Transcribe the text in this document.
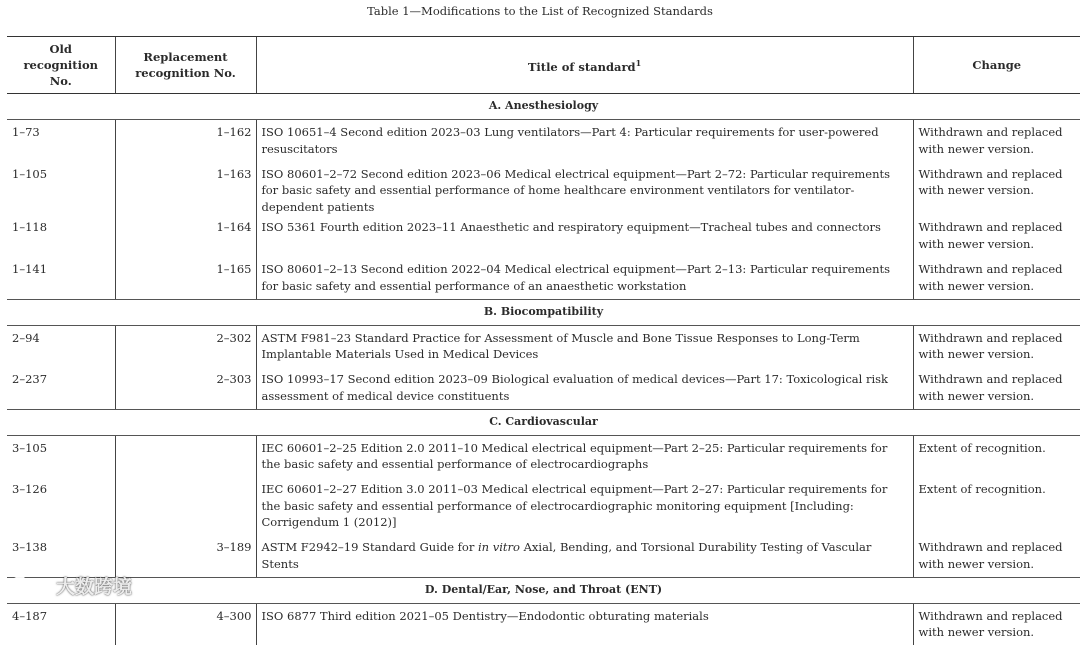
Table 1—Modifications to the List of Recognized Standards
Old recognition No.	Replacement recognition No.	Title of standard$^1$	Change
A. Anesthesiology			
1–73	1–162	ISO 10651–4 Second edition 2023–03 Lung ventilators—Part 4: Particular requirements for user-powered resuscitators	Withdrawn and replaced with newer version.
1–105	1–163	ISO 80601–2–72 Second edition 2023–06 Medical electrical equipment—Part 2–72: Particular requirements for basic safety and essential performance of home healthcare environment ventilators for ventilator-dependent patients	Withdrawn and replaced with newer version.
1–118	1–164	ISO 5361 Fourth edition 2023–11 Anaesthetic and respiratory equipment—Tracheal tubes and connectors	Withdrawn and replaced with newer version.
1–141	1–165	ISO 80601–2–13 Second edition 2022–04 Medical electrical equipment—Part 2–13: Particular requirements for basic safety and essential performance of an anaesthetic workstation	Withdrawn and replaced with newer version.
B. Biocompatibility			
2–94	2–302	ASTM F981–23 Standard Practice for Assessment of Muscle and Bone Tissue Responses to Long-Term Implantable Materials Used in Medical Devices	Withdrawn and replaced with newer version.
2–237	2–303	ISO 10993–17 Second edition 2023–09 Biological evaluation of medical devices—Part 17: Toxicological risk assessment of medical device constituents	Withdrawn and replaced with newer version.
C. Cardiovascular			
3–105		IEC 60601–2–25 Edition 2.0 2011–10 Medical electrical equipment—Part 2–25: Particular requirements for the basic safety and essential performance of electrocardiographs	Extent of recognition.
3–126		IEC 60601–2–27 Edition 3.0 2011–03 Medical electrical equipment—Part 2–27: Particular requirements for the basic safety and essential performance of electrocardiographic monitoring equipment [Including: Corrigendum 1 (2012)]	Extent of recognition.
3–138	3–189	ASTM F2942–19 Standard Guide for in vitro Axial, Bending, and Torsional Durability Testing of Vascular Stents	Withdrawn and replaced with newer version.
D. Dental/Ear, Nose, and Throat (ENT)			
4–187	4–300	ISO 6877 Third edition 2021–05 Dentistry—Endodontic obturating materials	Withdrawn and replaced with newer version.
大数跨境
